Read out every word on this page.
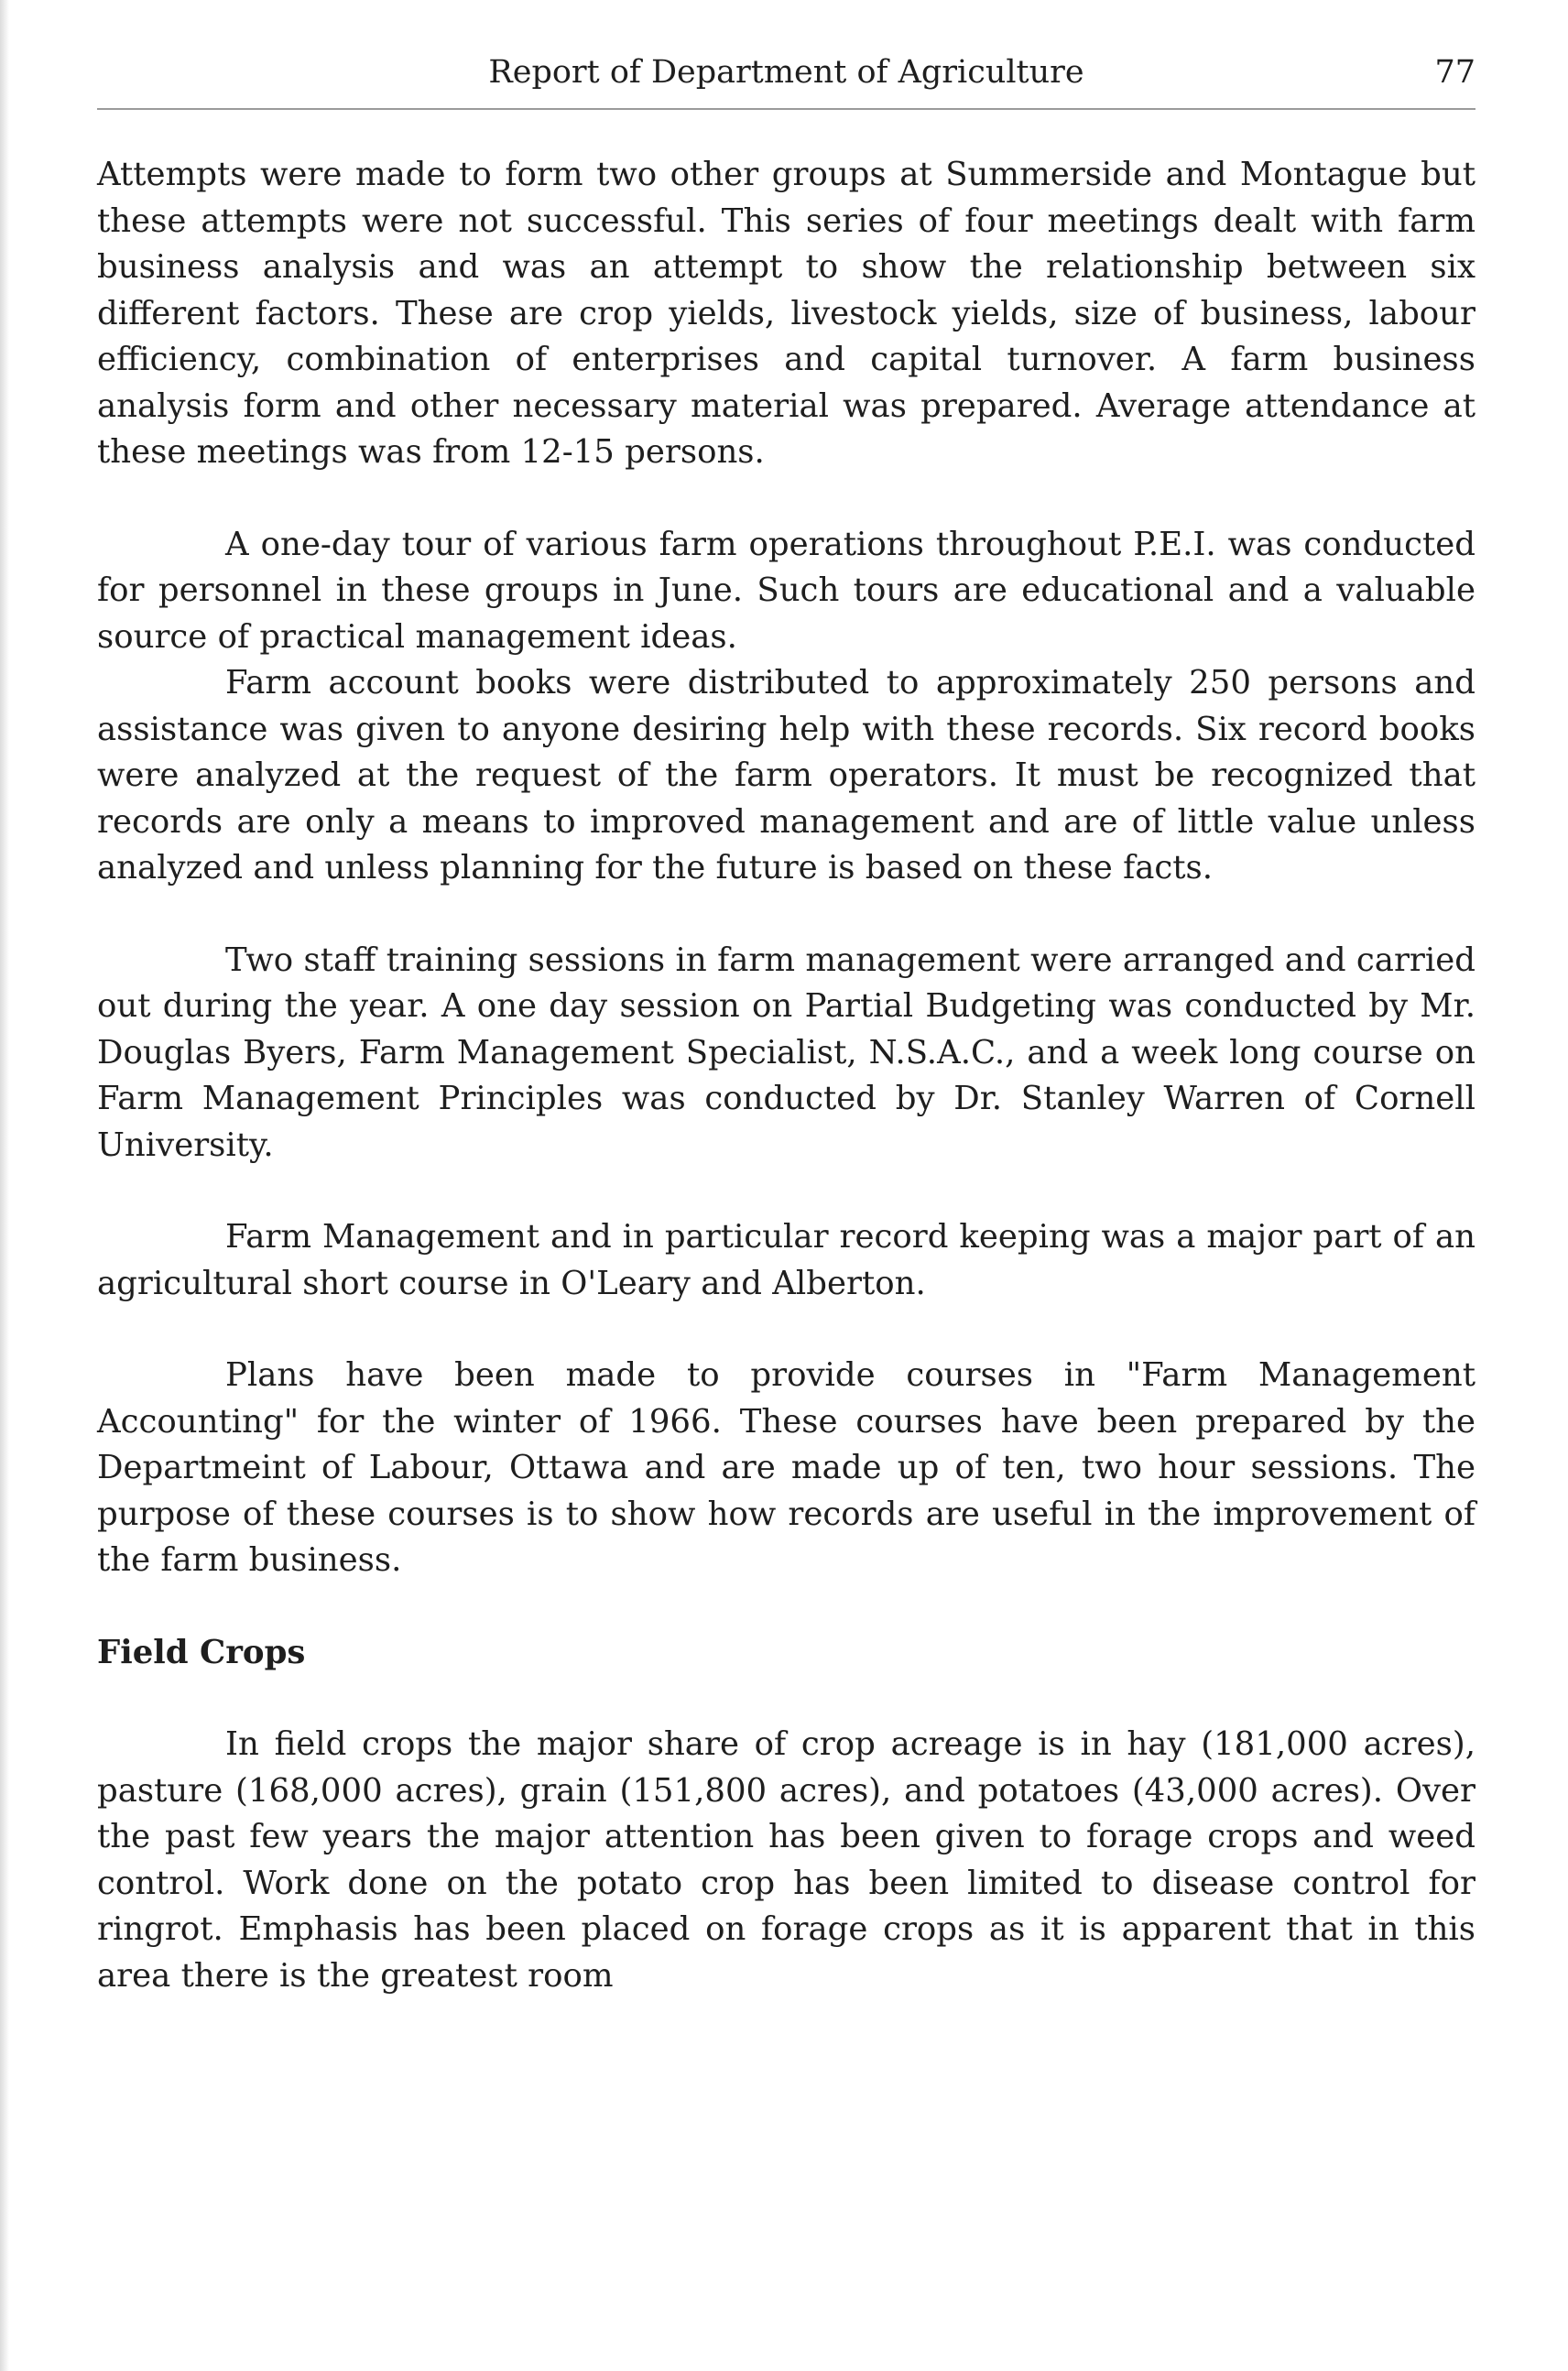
Report of Department of Agriculture	77

Attempts were made to form two other groups at Summerside and Montague but these attempts were not successful. This series of four meetings dealt with farm business analysis and was an attempt to show the relationship between six different factors. These are crop yields, livestock yields, size of business, labour efficiency, combination of enterprises and capital turnover. A farm business analysis form and other necessary material was prepared. Average attendance at these meetings was from 12-15 persons.

A one-day tour of various farm operations throughout P.E.I. was conducted for personnel in these groups in June. Such tours are educational and a valuable source of practical management ideas.

Farm account books were distributed to approximately 250 persons and assistance was given to anyone desiring help with these records. Six record books were analyzed at the request of the farm operators. It must be recognized that records are only a means to improved management and are of little value unless analyzed and unless planning for the future is based on these facts.

Two staff training sessions in farm management were arranged and carried out during the year. A one day session on Partial Budgeting was conducted by Mr. Douglas Byers, Farm Management Specialist, N.S.A.C., and a week long course on Farm Management Principles was conducted by Dr. Stanley Warren of Cornell University.

Farm Management and in particular record keeping was a major part of an agricultural short course in O'Leary and Alberton.

Plans have been made to provide courses in "Farm Management Accounting" for the winter of 1966. These courses have been prepared by the Departmeint of Labour, Ottawa and are made up of ten, two hour sessions. The purpose of these courses is to show how records are useful in the improvement of the farm business.

Field Crops

In field crops the major share of crop acreage is in hay (181,000 acres), pasture (168,000 acres), grain (151,800 acres), and potatoes (43,000 acres). Over the past few years the major attention has been given to forage crops and weed control. Work done on the potato crop has been limited to disease control for ringrot. Emphasis has been placed on forage crops as it is apparent that in this area there is the greatest room
